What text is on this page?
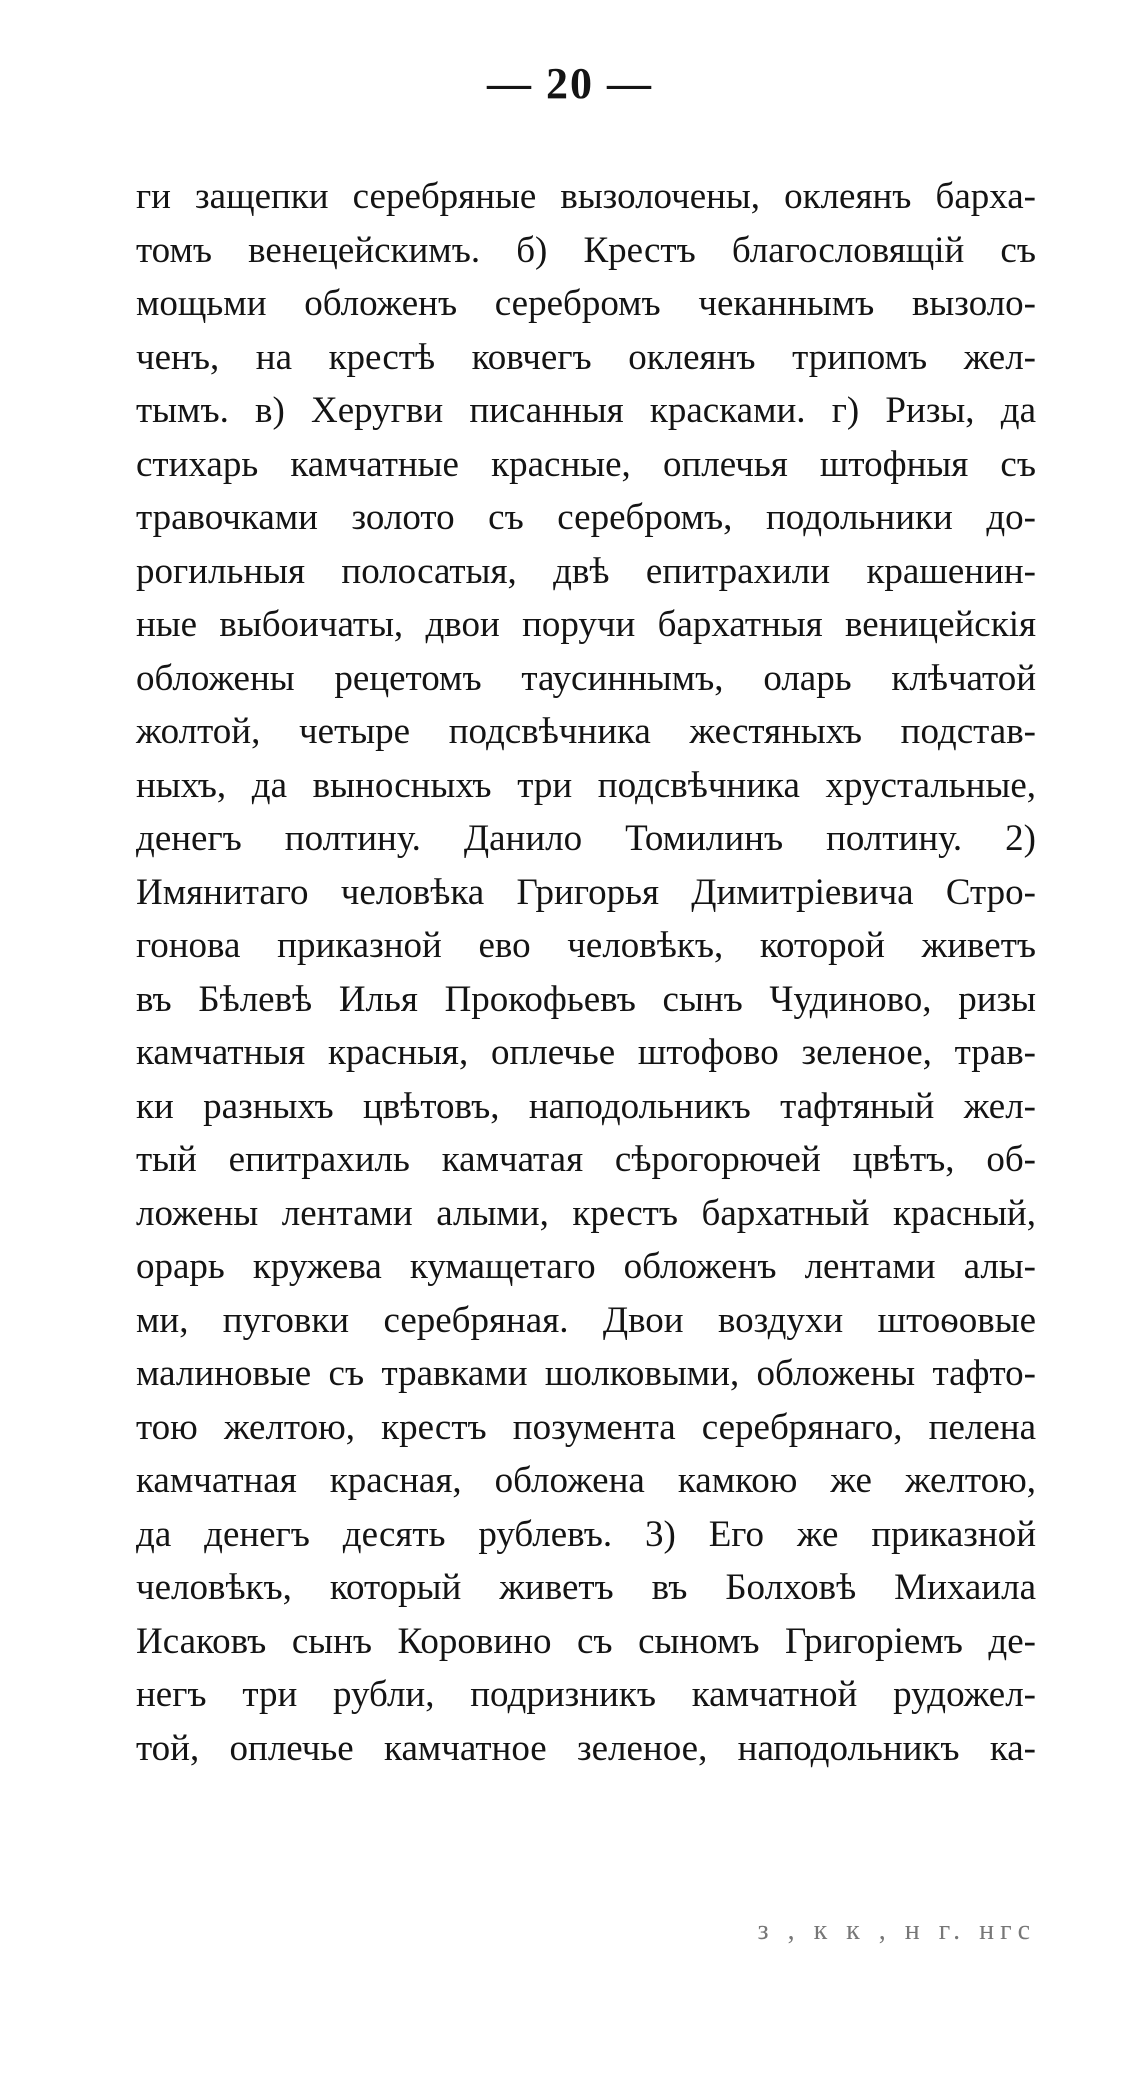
— 20 —
ги защепки серебряные вызолочены, оклеянъ барха-
томъ венецейскимъ. б) Крестъ благословящій съ
мощьми обложенъ серебромъ чеканнымъ вызоло-
ченъ, на крестѣ ковчегъ оклеянъ трипомъ жел-
тымъ. в) Херугви писанныя красками. г) Ризы, да
стихарь камчатные красные, оплечья штофныя съ
травочками золото съ серебромъ, подольники до-
рогильныя полосатыя, двѣ епитрахили крашенин-
ные выбоичаты, двои поручи бархатныя веницейскія
обложены рецетомъ таусиннымъ, оларь клѣчатой
жолтой, четыре подсвѣчника жестяныхъ подстав-
ныхъ, да выносныхъ три подсвѣчника хрустальные,
денегъ полтину. Данило Томилинъ полтину. 2)
Имянитаго человѣка Григорья Димитріевича Стро-
гонова приказной ево человѣкъ, которой живетъ
въ Бѣлевѣ Илья Прокофьевъ сынъ Чудиново, ризы
камчатныя красныя, оплечье штофово зеленое, трав-
ки разныхъ цвѣтовъ, наподольникъ тафтяный жел-
тый епитрахиль камчатая сѣрогорючей цвѣтъ, об-
ложены лентами алыми, крестъ бархатный красный,
орарь кружева кумащетаго обложенъ лентами алы-
ми, пуговки серебряная. Двои воздухи штоѳовые
малиновые съ травками шолковыми, обложены тафто-
тою желтою, крестъ позумента серебрянаго, пелена
камчатная красная, обложена камкою же желтою,
да денегъ десять рублевъ. 3) Его же приказной
человѣкъ, который живетъ въ Болховѣ Михаила
Исаковъ сынъ Коровино съ сыномъ Григоріемъ де-
негъ три рубли, подризникъ камчатной рудожел-
той, оплечье камчатное зеленое, наподольникъ ка-
з , к к , н г. нгс
